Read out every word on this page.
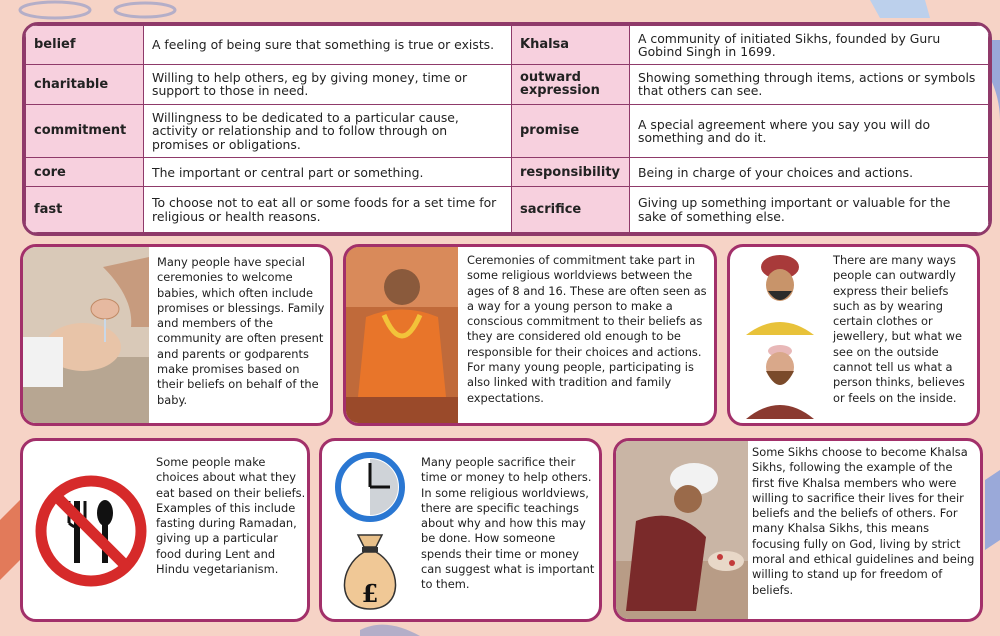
belief	A feeling of being sure that something is true or exists.	Khalsa	A community of initiated Sikhs, founded by Guru Gobind Singh in 1699.
charitable	Willing to help others, eg by giving money, time or support to those in need.	outward expression	Showing something through items, actions or symbols that others can see.
commitment	Willingness to be dedicated to a particular cause, activity or relationship and to follow through on promises or obligations.	promise	A special agreement where you say you will do something and do it.
core	The important or central part or something.	responsibility	Being in charge of your choices and actions.
fast	To choose not to eat all or some foods for a set time for religious or health reasons.	sacrifice	Giving up something important or valuable for the sake of something else.
Many people have special ceremonies to welcome babies, which often include promises or blessings. Family and members of the community are often present and parents or godparents make promises based on their beliefs on behalf of the baby.
Ceremonies of commitment take part in some religious worldviews between the ages of 8 and 16. These are often seen as a way for a young person to make a conscious commitment to their beliefs as they are considered old enough to be responsible for their choices and actions. For many young people, participating is also linked with tradition and family expectations.
There are many ways people can outwardly express their beliefs such as by wearing certain clothes or jewellery, but what we see on the outside cannot tell us what a person thinks, believes or feels on the inside.
Some people make choices about what they eat based on their beliefs. Examples of this include fasting during Ramadan, giving up a particular food during Lent and Hindu vegetarianism.
£
Many people sacrifice their time or money to help others. In some religious worldviews, there are specific teachings about why and how this may be done. How someone spends their time or money can suggest what is important to them.
Some Sikhs choose to become Khalsa Sikhs, following the example of the first five Khalsa members who were willing to sacrifice their lives for their beliefs and the beliefs of others. For many Khalsa Sikhs, this means focusing fully on God, living by strict moral and ethical guidelines and being willing to stand up for freedom of beliefs.
